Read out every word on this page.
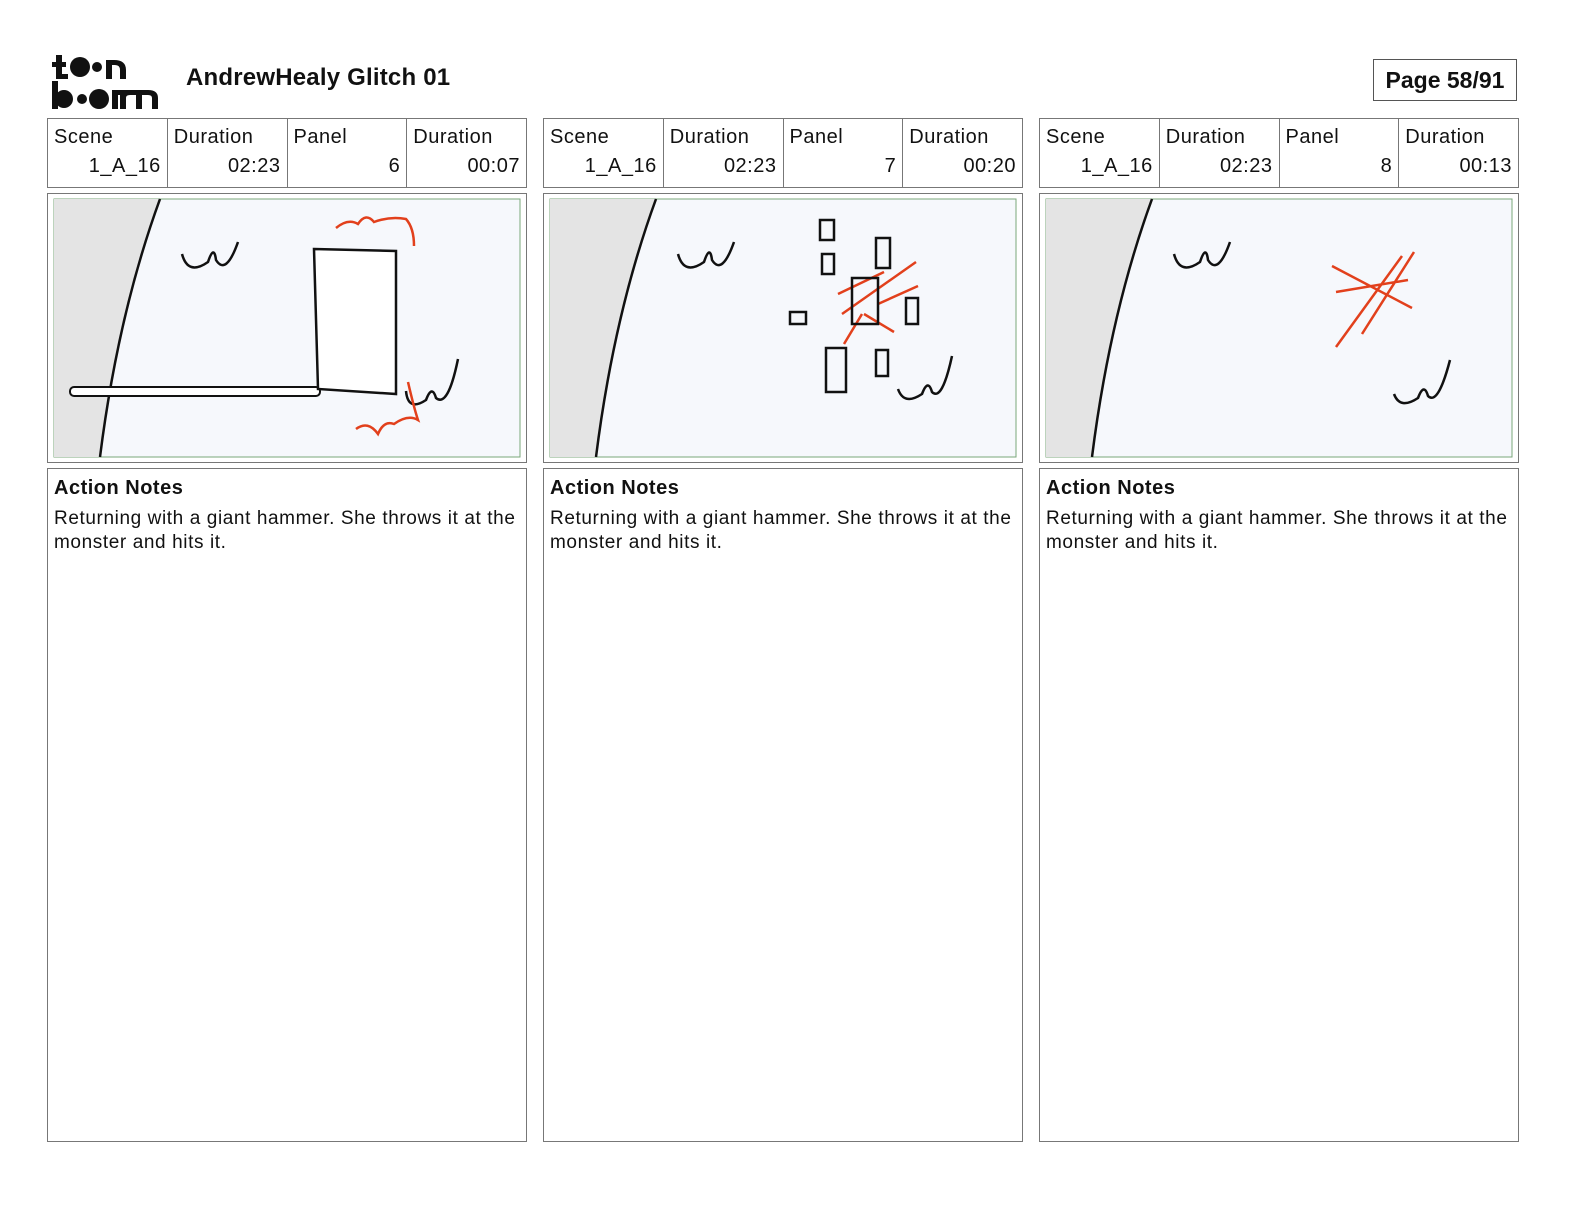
AndrewHealy Glitch 01	Page 58/91
Scene
1_A_16
Duration
02:23
Panel
6
Duration
00:07
Action Notes
Returning with a giant hammer. She throws it at the monster and hits it.
Scene
1_A_16
Duration
02:23
Panel
7
Duration
00:20
Action Notes
Returning with a giant hammer. She throws it at the monster and hits it.
Scene
1_A_16
Duration
02:23
Panel
8
Duration
00:13
Action Notes
Returning with a giant hammer. She throws it at the monster and hits it.
